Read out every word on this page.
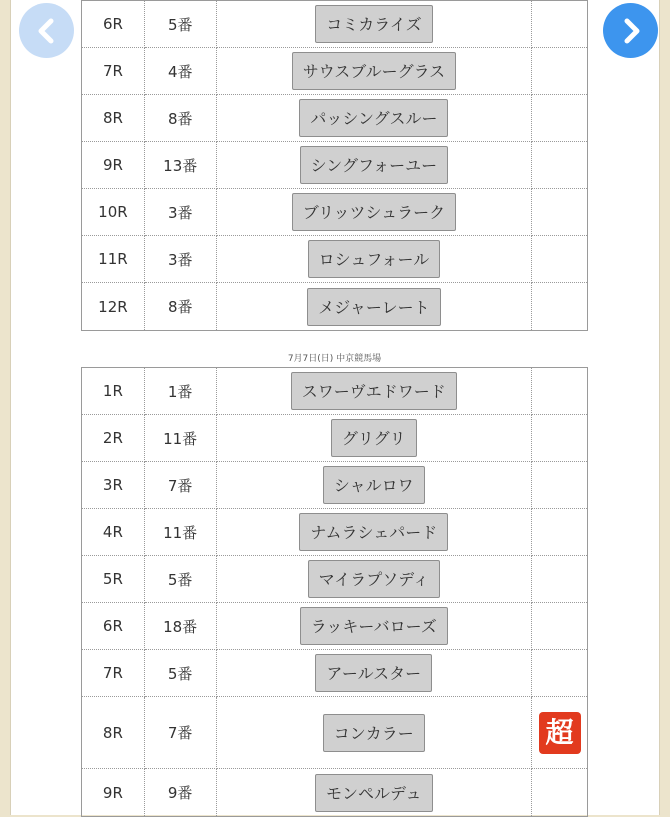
6R	5番	コミカライズ	
7R	4番	サウスブルーグラス	
8R	8番	パッシングスルー	
9R	13番	シングフォーユー	
10R	3番	ブリッツシュラーク	
11R	3番	ロシュフォール	
12R	8番	メジャーレート	
7月7日(日) 中京競馬場
1R	1番	スワーヴエドワード	
2R	11番	グリグリ	
3R	7番	シャルロワ	
4R	11番	ナムラシェパード	
5R	5番	マイラプソディ	
6R	18番	ラッキーバローズ	
7R	5番	アールスター	
8R	7番	コンカラー	超
9R	9番	モンペルデュ	
